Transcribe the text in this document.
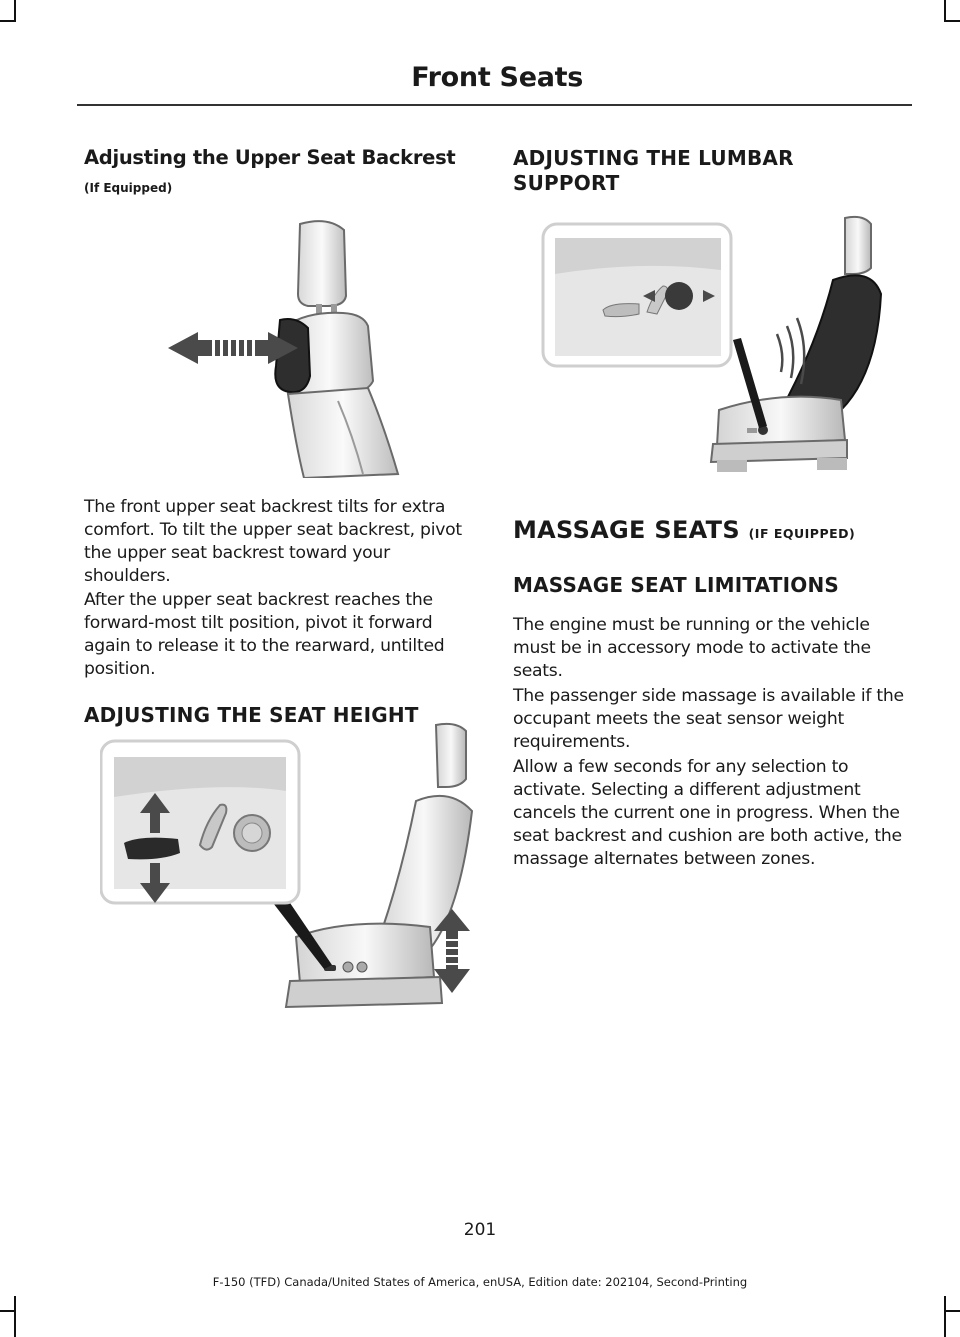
Front Seats
Adjusting the Upper Seat Backrest
(If Equipped)

The front upper seat backrest tilts for extra comfort. To tilt the upper seat backrest, pivot the upper seat backrest toward your shoulders.

After the upper seat backrest reaches the forward-most tilt position, pivot it forward again to release it to the rearward, untilted position.

ADJUSTING THE SEAT HEIGHT
ADJUSTING THE LUMBAR
SUPPORT
MASSAGE SEATS (IF EQUIPPED)
MASSAGE SEAT LIMITATIONS

The engine must be running or the vehicle must be in accessory mode to activate the seats.

The passenger side massage is available if the occupant meets the seat sensor weight requirements.

Allow a few seconds for any selection to activate. Selecting a different adjustment cancels the current one in progress. When the seat backrest and cushion are both active, the massage alternates between zones.

201
F-150 (TFD) Canada/United States of America, enUSA, Edition date: 202104, Second-Printing
